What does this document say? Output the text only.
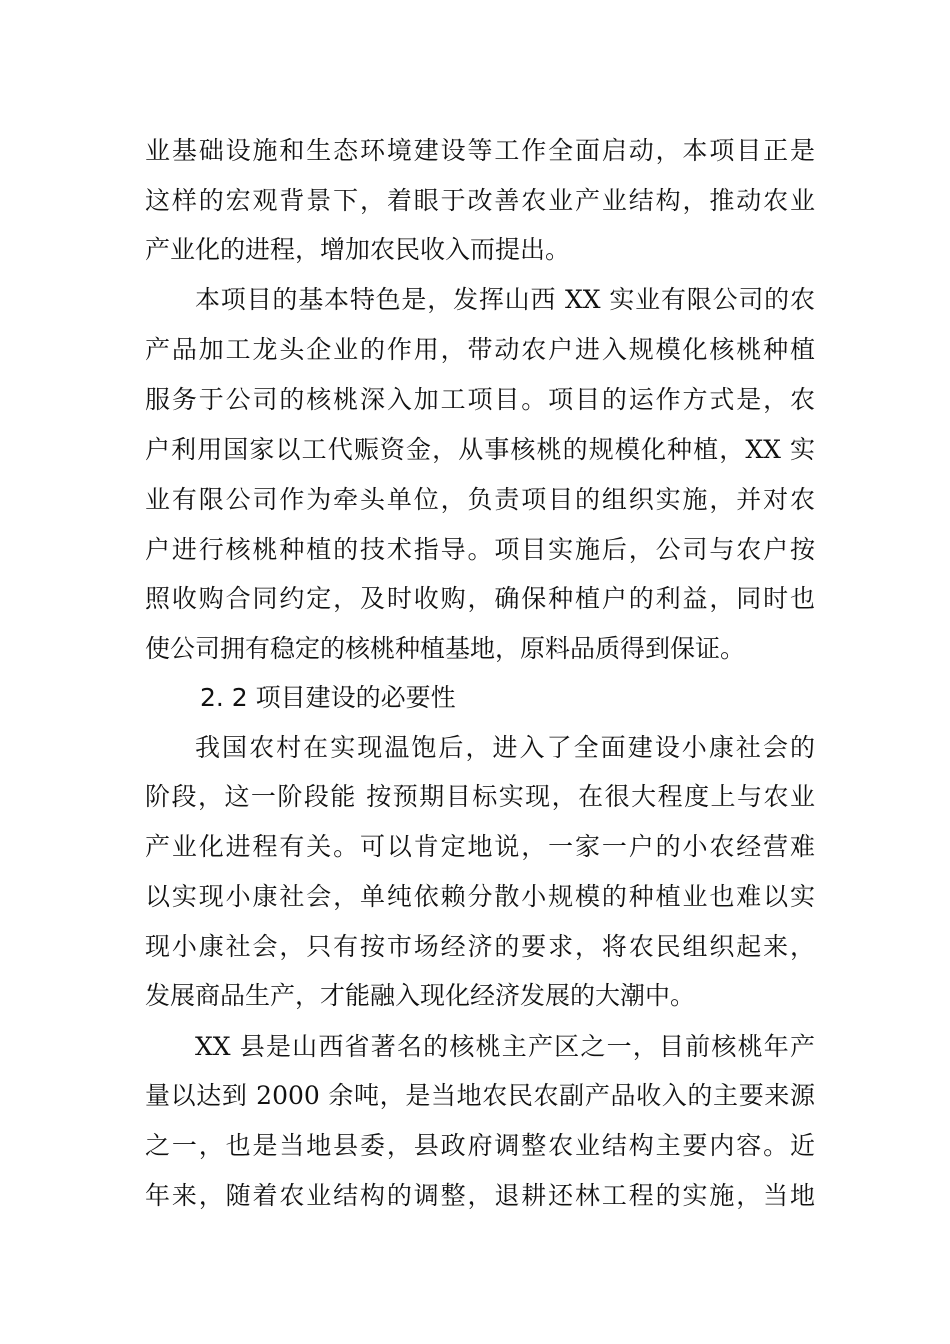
业基础设施和生态环境建设等工作全面启动，本项目正是

这样的宏观背景下，着眼于改善农业产业结构，推动农业

产业化的进程，增加农民收入而提出。

本项目的基本特色是，发挥山西 XX 实业有限公司的农

产品加工龙头企业的作用，带动农户进入规模化核桃种植

服务于公司的核桃深入加工项目。项目的运作方式是，农

户利用国家以工代赈资金，从事核桃的规模化种植，XX 实

业有限公司作为牵头单位，负责项目的组织实施，并对农

户进行核桃种植的技术指导。项目实施后，公司与农户按

照收购合同约定，及时收购，确保种植户的利益，同时也

使公司拥有稳定的核桃种植基地，原料品质得到保证。

2. 2 项目建设的必要性

我国农村在实现温饱后，进入了全面建设小康社会的

阶段，这一阶段能 按预期目标实现，在很大程度上与农业

产业化进程有关。可以肯定地说，一家一户的小农经营难

以实现小康社会，单纯依赖分散小规模的种植业也难以实

现小康社会，只有按市场经济的要求，将农民组织起来，

发展商品生产，才能融入现化经济发展的大潮中。

XX 县是山西省著名的核桃主产区之一，目前核桃年产

量以达到 2000 余吨，是当地农民农副产品收入的主要来源

之一，也是当地县委，县政府调整农业结构主要内容。近

年来，随着农业结构的调整，退耕还林工程的实施，当地
